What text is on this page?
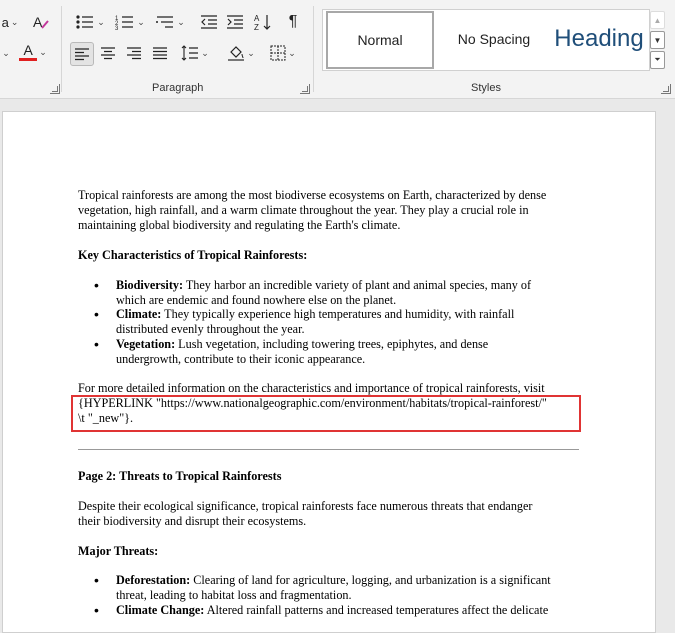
a ⌄ A
⌄ A ⌄
⌄ 1
2
3
⌄	⌄	A
Z ¶
⌄	⌄	⌄
Paragraph
Normal	No Spacing	Heading
▲
▼
⏷
Styles
Tropical rainforests are among the most biodiverse ecosystems on Earth, characterized by dense
vegetation, high rainfall, and a warm climate throughout the year. They play a crucial role in
maintaining global biodiversity and regulating the Earth's climate.
Key Characteristics of Tropical Rainforests:
• Biodiversity: They harbor an incredible variety of plant and animal species, many of
which are endemic and found nowhere else on the planet.
• Climate: They typically experience high temperatures and humidity, with rainfall
distributed evenly throughout the year.
• Vegetation: Lush vegetation, including towering trees, epiphytes, and dense
undergrowth, contribute to their iconic appearance.
For more detailed information on the characteristics and importance of tropical rainforests, visit
{HYPERLINK "https://www.nationalgeographic.com/environment/habitats/tropical-rainforest/"
\t "_new"}.
Page 2: Threats to Tropical Rainforests
Despite their ecological significance, tropical rainforests face numerous threats that endanger
their biodiversity and disrupt their ecosystems.
Major Threats:
• Deforestation: Clearing of land for agriculture, logging, and urbanization is a significant
threat, leading to habitat loss and fragmentation.
• Climate Change: Altered rainfall patterns and increased temperatures affect the delicate
